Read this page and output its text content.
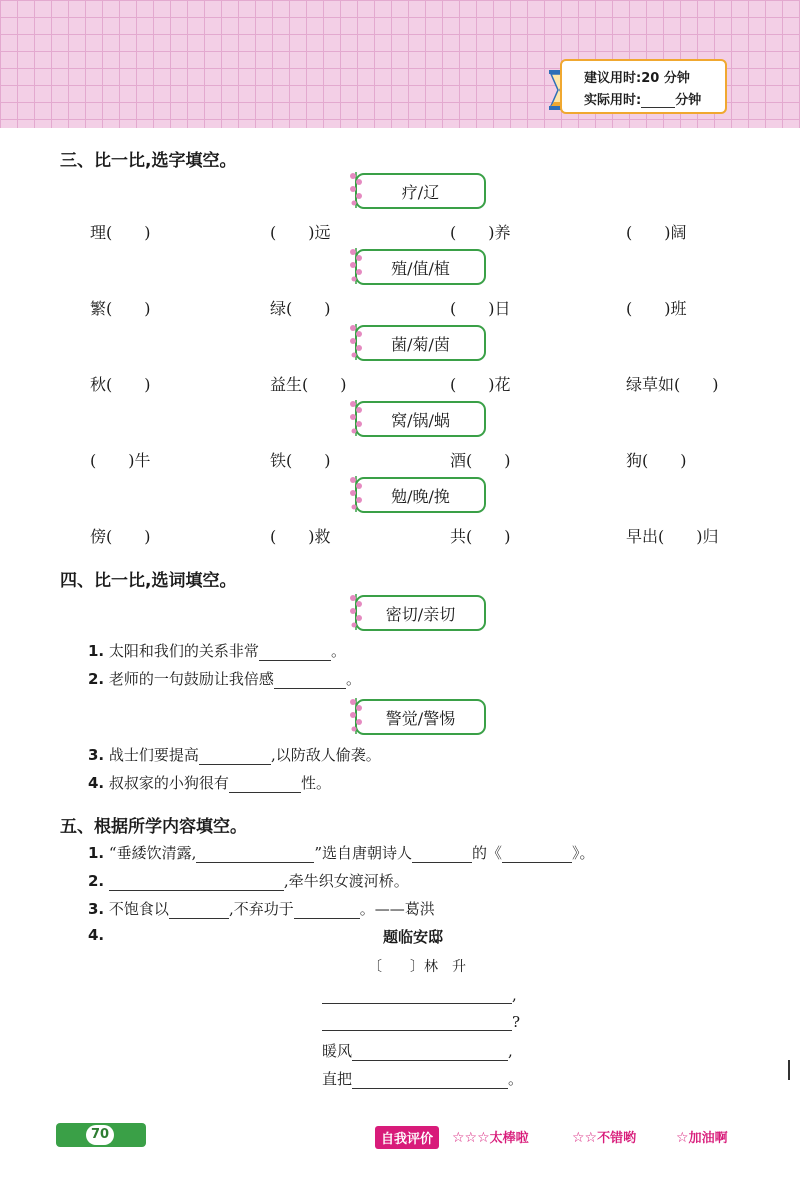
建议用时:20 分钟
实际用时:	分钟
三、比一比,选字填空。
疗/辽
理(　　)	(　　)远	(　　)养	(　　)阔
殖/值/植
繁(　　)	绿(　　)	(　　)日	(　　)班
菌/菊/茵
秋(　　)	益生(　　)	(　　)花	绿草如(　　)
窝/锅/蜗
(　　)牛	铁(　　)	酒(　　)	狗(　　)
勉/晚/挽
傍(　　)	(　　)救	共(　　)	早出(　　)归
四、比一比,选词填空。
密切/亲切
1. 太阳和我们的关系非常	。
2. 老师的一句鼓励让我倍感	。
警觉/警惕
3. 战士们要提高	,以防敌人偷袭。
4. 叔叔家的小狗很有	性。
五、根据所学内容填空。
1. “垂緌饮清露,	”选自唐朝诗人	的《	》。
2.	,牵牛织女渡河桥。
3. 不饱食以	,不弃功于	。——葛洪
4.	题临安邸
〔　　〕林　升
,
?
暖风	,
直把	。
70	自我评价	☆☆☆太棒啦	☆☆不错哟	☆加油啊
